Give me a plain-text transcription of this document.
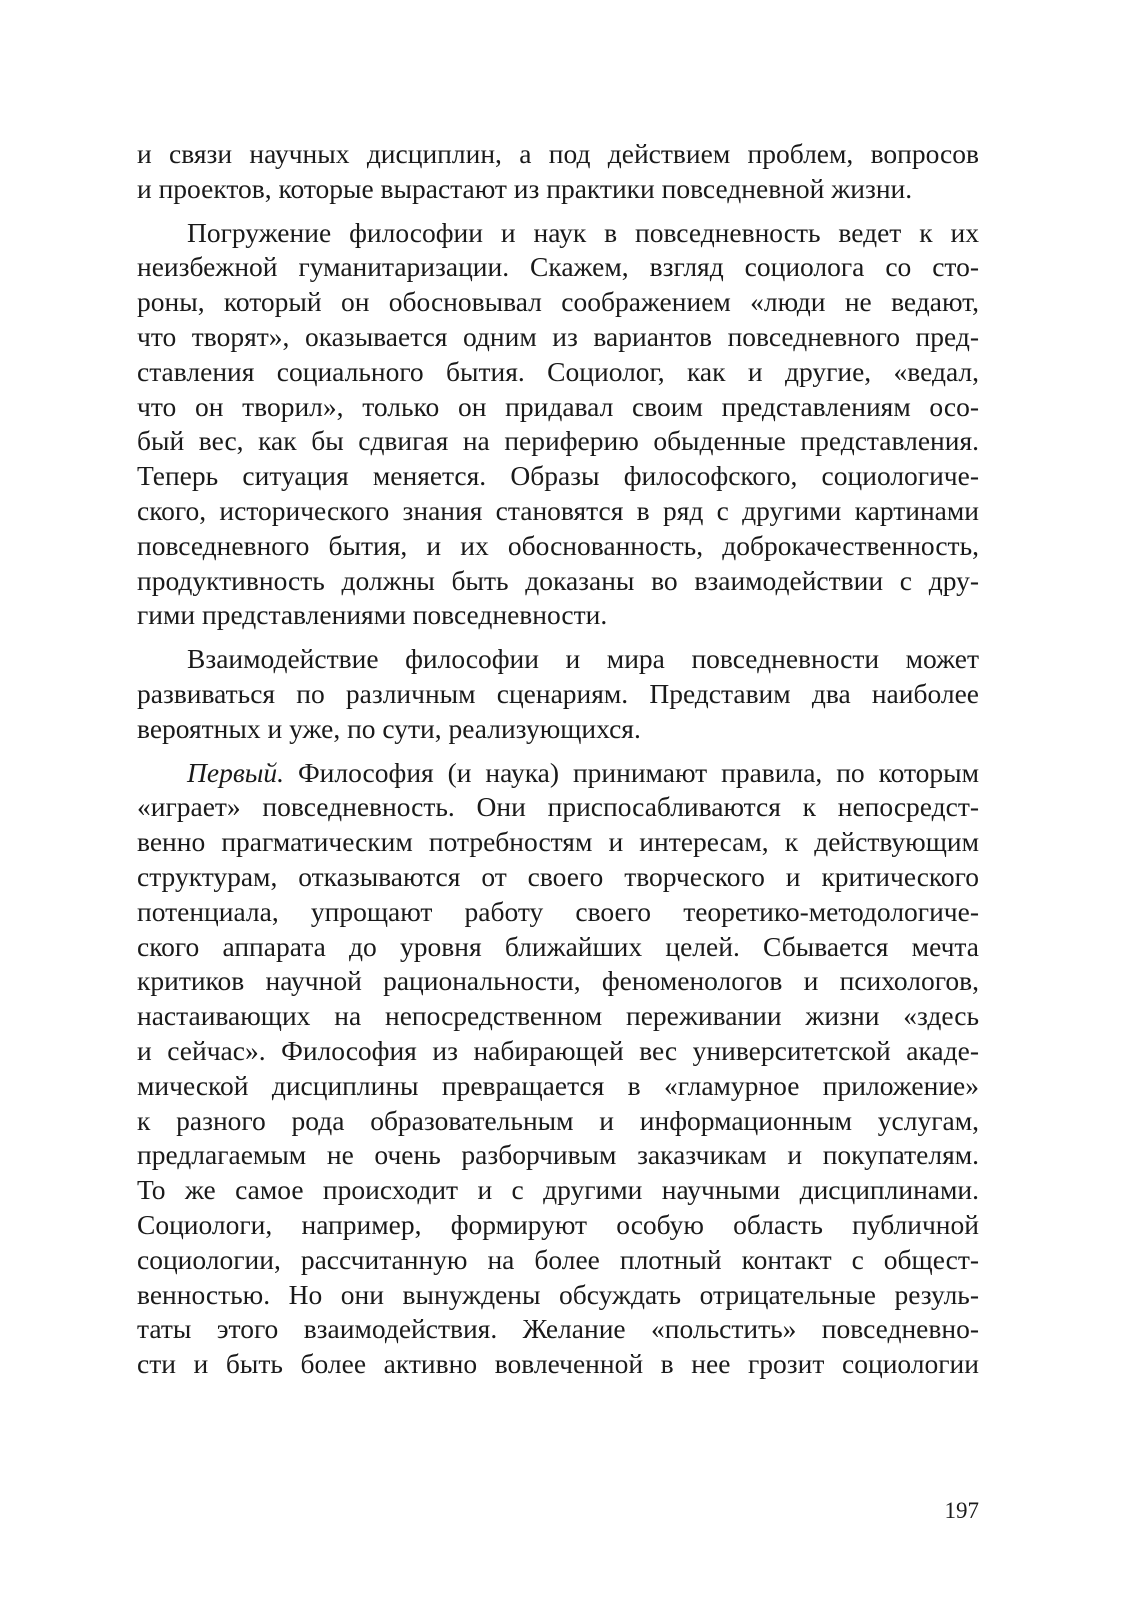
и связи научных дисциплин, а под действием проблем, вопросов
и проектов, которые вырастают из практики повседневной жизни.
Погружение философии и наук в повседневность ведет к их
неизбежной гуманитаризации. Скажем, взгляд социолога со сто-
роны, который он обосновывал соображением «люди не ведают,
что творят», оказывается одним из вариантов повседневного пред-
ставления социального бытия. Социолог, как и другие, «ведал,
что он творил», только он придавал своим представлениям осо-
бый вес, как бы сдвигая на периферию обыденные представления.
Теперь ситуация меняется. Образы философского, социологиче-
ского, исторического знания становятся в ряд с другими картинами
повседневного бытия, и их обоснованность, доброкачественность,
продуктивность должны быть доказаны во взаимодействии с дру-
гими представлениями повседневности.
Взаимодействие философии и мира повседневности может
развиваться по различным сценариям. Представим два наиболее
вероятных и уже, по сути, реализующихся.
Первый. Философия (и наука) принимают правила, по которым
«играет» повседневность. Они приспосабливаются к непосредст-
венно прагматическим потребностям и интересам, к действующим
структурам, отказываются от своего творческого и критического
потенциала, упрощают работу своего теоретико-методологиче-
ского аппарата до уровня ближайших целей. Сбывается мечта
критиков научной рациональности, феноменологов и психологов,
настаивающих на непосредственном переживании жизни «здесь
и сейчас». Философия из набирающей вес университетской акаде-
мической дисциплины превращается в «гламурное приложение»
к разного рода образовательным и информационным услугам,
предлагаемым не очень разборчивым заказчикам и покупателям.
То же самое происходит и с другими научными дисциплинами.
Социологи, например, формируют особую область публичной
социологии, рассчитанную на более плотный контакт с общест-
венностью. Но они вынуждены обсуждать отрицательные резуль-
таты этого взаимодействия. Желание «польстить» повседневно-
сти и быть более активно вовлеченной в нее грозит социологии
197
